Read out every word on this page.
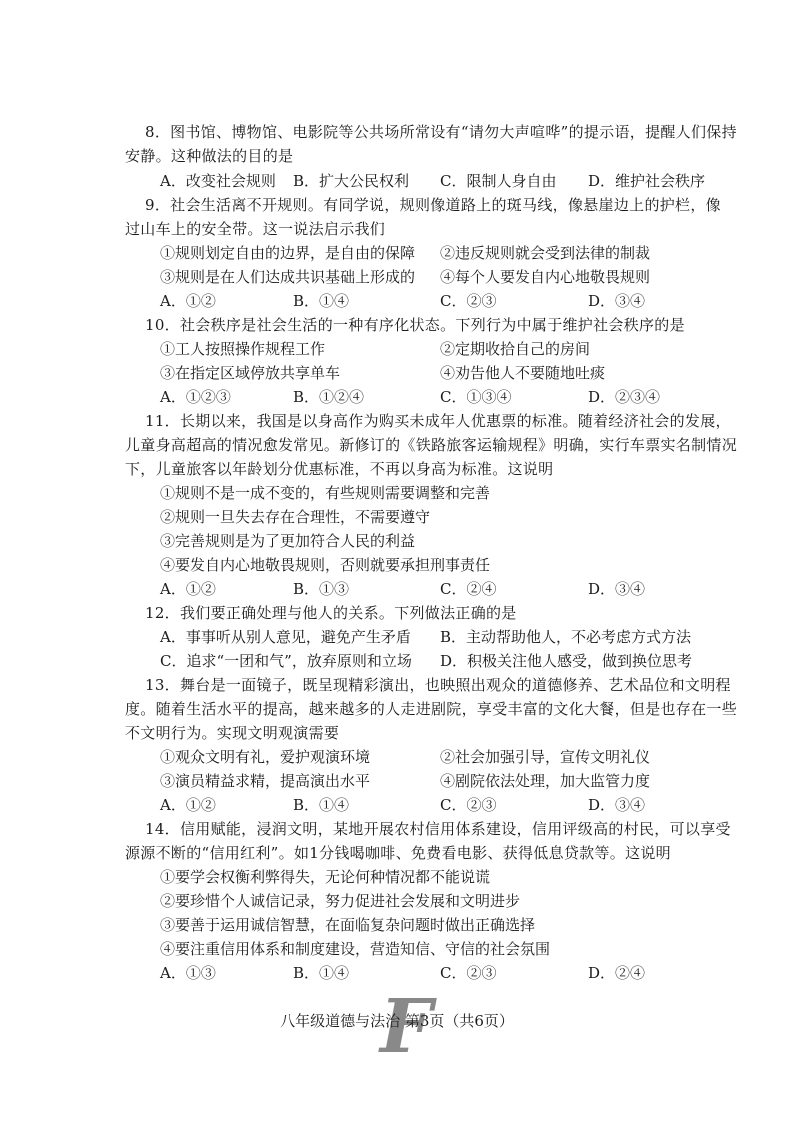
8．图书馆、博物馆、电影院等公共场所常设有“请勿大声喧哗”的提示语，提醒人们保持
安静。这种做法的目的是
A．改变社会规则 B．扩大公民权利 C．限制人身自由 D．维护社会秩序
9．社会生活离不开规则。有同学说，规则像道路上的斑马线，像悬崖边上的护栏，像
过山车上的安全带。这一说法启示我们
①规则划定自由的边界，是自由的保障 ②违反规则就会受到法律的制裁
③规则是在人们达成共识基础上形成的 ④每个人要发自内心地敬畏规则
A．①②	B．①④	C．②③	D．③④
10．社会秩序是社会生活的一种有序化状态。下列行为中属于维护社会秩序的是
①工人按照操作规程工作	②定期收拾自己的房间
③在指定区域停放共享单车	④劝告他人不要随地吐痰
A．①②③	B．①②④	C．①③④	D．②③④
11．长期以来，我国是以身高作为购买未成年人优惠票的标准。随着经济社会的发展，
儿童身高超高的情况愈发常见。新修订的《铁路旅客运输规程》明确，实行车票实名制情况
下，儿童旅客以年龄划分优惠标准，不再以身高为标准。这说明
①规则不是一成不变的，有些规则需要调整和完善
②规则一旦失去存在合理性，不需要遵守
③完善规则是为了更加符合人民的利益
④要发自内心地敬畏规则，否则就要承担刑事责任
A．①②	B．①③	C．②④	D．③④
12．我们要正确处理与他人的关系。下列做法正确的是
A．事事听从别人意见，避免产生矛盾 B．主动帮助他人，不必考虑方式方法
C．追求“一团和气”，放弃原则和立场 D．积极关注他人感受，做到换位思考
13．舞台是一面镜子，既呈现精彩演出，也映照出观众的道德修养、艺术品位和文明程
度。随着生活水平的提高，越来越多的人走进剧院，享受丰富的文化大餐，但是也存在一些
不文明行为。实现文明观演需要
①观众文明有礼，爱护观演环境	②社会加强引导，宣传文明礼仪
③演员精益求精，提高演出水平	④剧院依法处理，加大监管力度
A．①②	B．①④	C．②③	D．③④
14．信用赋能，浸润文明，某地开展农村信用体系建设，信用评级高的村民，可以享受
源源不断的“信用红利”。如1分钱喝咖啡、免费看电影、获得低息贷款等。这说明
①要学会权衡利弊得失，无论何种情况都不能说谎
②要珍惜个人诚信记录，努力促进社会发展和文明进步
③要善于运用诚信智慧，在面临复杂问题时做出正确选择
④要注重信用体系和制度建设，营造知信、守信的社会氛围
A．①③	B．①④	C．②③	D．②④
八年级道德与法治 第3页（共6页）
F
